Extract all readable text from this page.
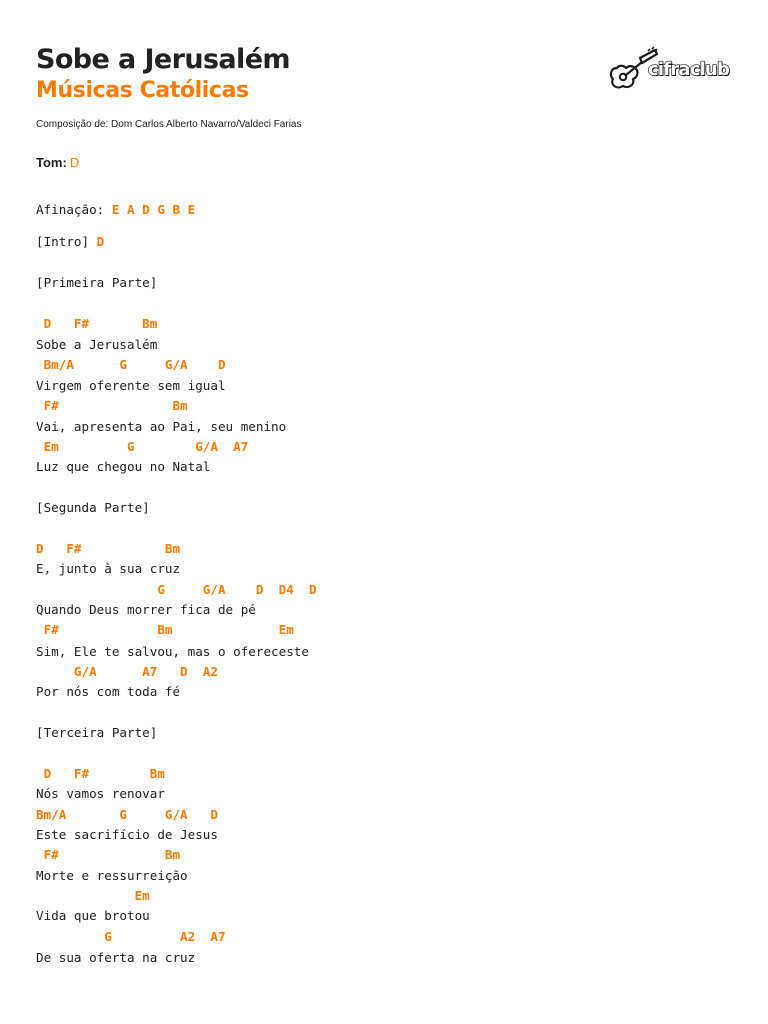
Sobe a Jerusalém
Músicas Católicas
Composição de: Dom Carlos Alberto Navarro/Valdeci Farias
cifraclub
Tom: D
Afinação: E A D G B E
[Intro] D
[Primeira Parte]
D   F#       Bm
Sobe a Jerusalém
Bm/A      G     G/A    D
Virgem oferente sem igual
F#               Bm
Vai, apresenta ao Pai, seu menino
Em         G        G/A  A7
Luz que chegou no Natal
[Segunda Parte]
D   F#           Bm
E, junto à sua cruz
G     G/A    D  D4  D
Quando Deus morrer fica de pé
F#             Bm              Em
Sim, Ele te salvou, mas o ofereceste
G/A      A7   D  A2
Por nós com toda fé
[Terceira Parte]
D   F#        Bm
Nós vamos renovar
Bm/A       G     G/A   D
Este sacrifício de Jesus
F#              Bm
Morte e ressurreição
Em
Vida que brotou
G         A2  A7
De sua oferta na cruz
